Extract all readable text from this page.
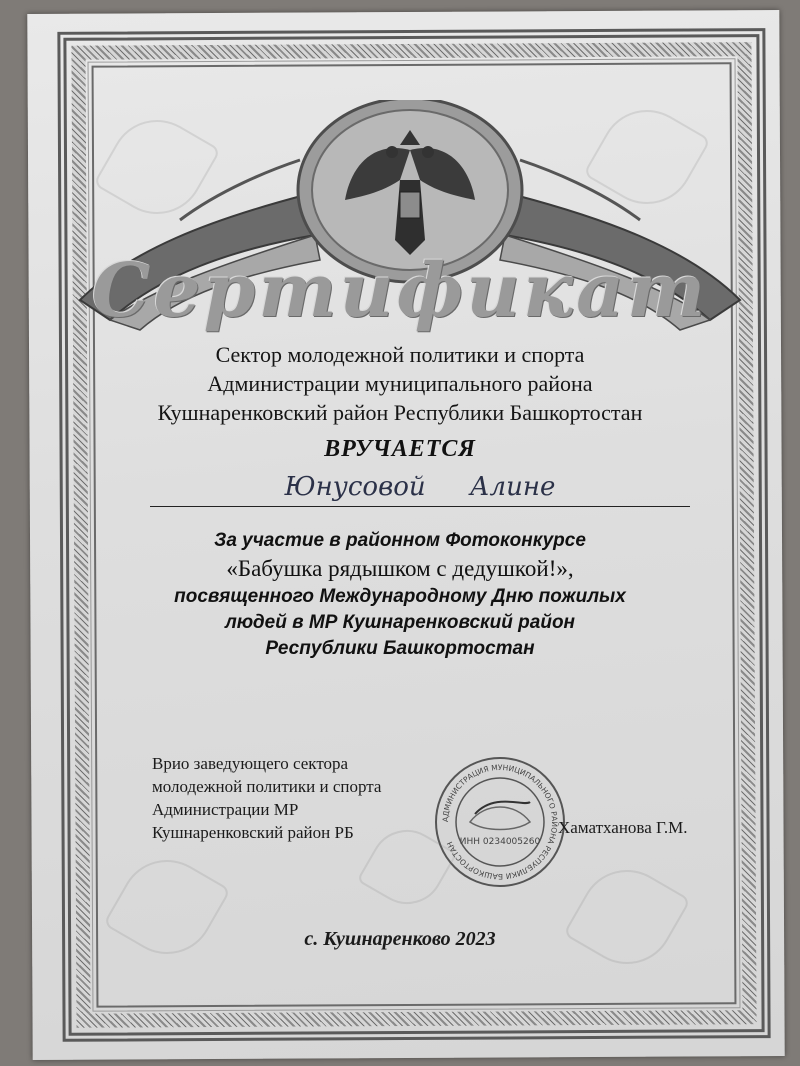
Сертификат
Сектор молодежной политики и спорта
Администрации муниципального района
Кушнаренковский район Республики Башкортостан
ВРУЧАЕТСЯ
Юнусовой Алине
За участие в районном Фотоконкурсе
«Бабушка рядышком с дедушкой!»,
посвященного Международному Дню пожилых
людей в МР Кушнаренковский район
Республики Башкортостан
Врио заведующего сектора
молодежной политики и спорта
Администрации МР
Кушнаренковский район РБ
АДМИНИСТРАЦИЯ МУНИЦИПАЛЬНОГО РАЙОНА РЕСПУБЛИКИ БАШКОРТОСТАН ИНН 0234005260
Хаматханова Г.М.
с. Кушнаренково 2023
